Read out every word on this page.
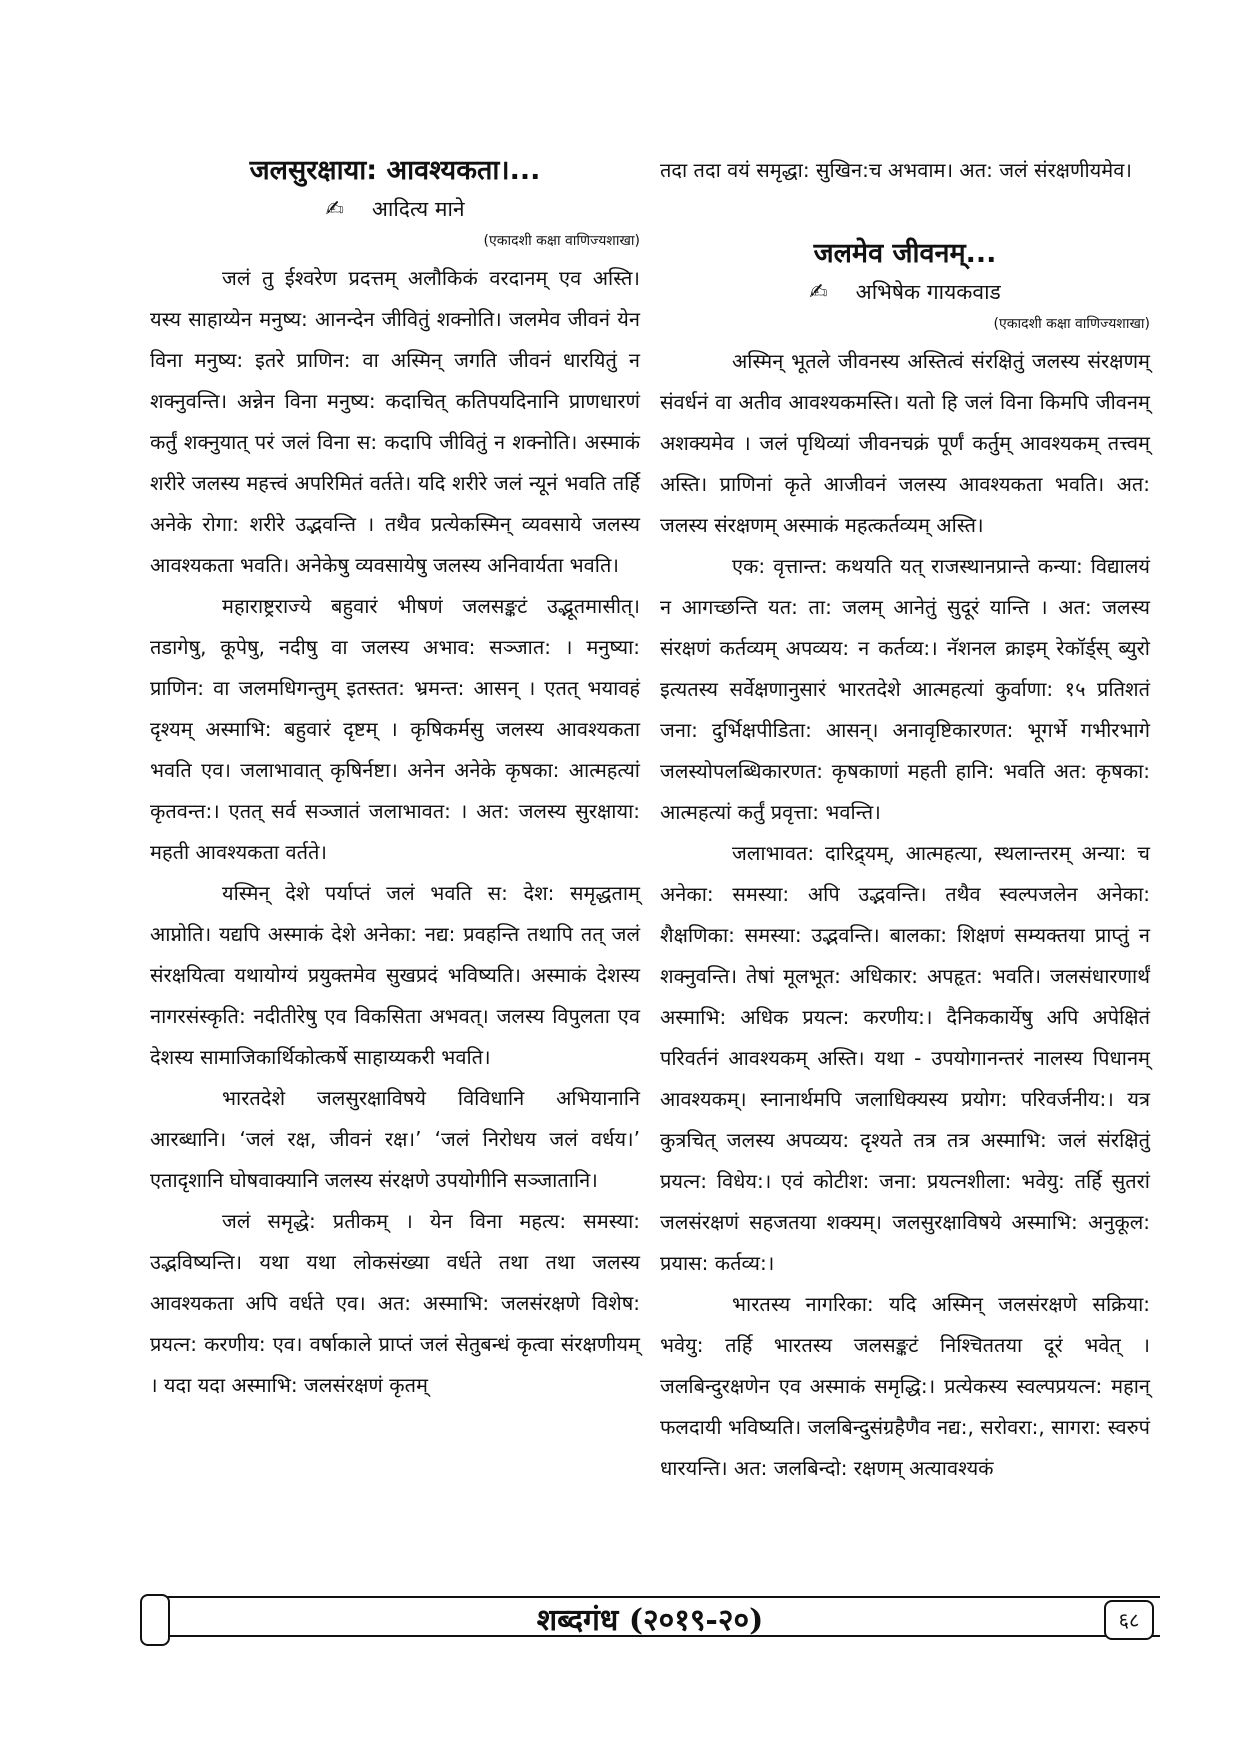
जलसुरक्षाया: आवश्यकता।...
✍ आदित्य माने
(एकादशी कक्षा वाणिज्यशाखा)

जलं तु ईश्वरेण प्रदत्तम् अलौकिकं वरदानम् एव अस्ति। यस्य साहाय्येन मनुष्य: आनन्देन जीवितुं शक्नोति। जलमेव जीवनं येन विना मनुष्य: इतरे प्राणिन: वा अस्मिन् जगति जीवनं धारयितुं न शक्नुवन्ति। अन्नेन विना मनुष्य: कदाचित् कतिपयदिनानि प्राणधारणं कर्तुं शक्नुयात् परं जलं विना स: कदापि जीवितुं न शक्नोति। अस्माकं शरीरे जलस्य महत्त्वं अपरिमितं वर्तते। यदि शरीरे जलं न्यूनं भवति तर्हि अनेके रोगा: शरीरे उद्भवन्ति । तथैव प्रत्येकस्मिन् व्यवसाये जलस्य आवश्यकता भवति। अनेकेषु व्यवसायेषु जलस्य अनिवार्यता भवति।

महाराष्ट्रराज्ये बहुवारं भीषणं जलसङ्कटं उद्भूतमासीत्। तडागेषु, कूपेषु, नदीषु वा जलस्य अभाव: सञ्जात: । मनुष्या: प्राणिन: वा जलमधिगन्तुम् इतस्तत: भ्रमन्त: आसन् । एतत् भयावहं दृश्यम् अस्माभि: बहुवारं दृष्टम् । कृषिकर्मसु जलस्य आवश्यकता भवति एव। जलाभावात् कृषिर्नष्टा। अनेन अनेके कृषका: आत्महत्यां कृतवन्त:। एतत् सर्व सञ्जातं जलाभावत: । अत: जलस्य सुरक्षाया: महती आवश्यकता वर्तते।

यस्मिन् देशे पर्याप्तं जलं भवति स: देश: समृद्धताम् आप्नोति। यद्यपि अस्माकं देशे अनेका: नद्य: प्रवहन्ति तथापि तत् जलं संरक्षयित्वा यथायोग्यं प्रयुक्तमेव सुखप्रदं भविष्यति। अस्माकं देशस्य नागरसंस्कृति: नदीतीरेषु एव विकसिता अभवत्। जलस्य विपुलता एव देशस्य सामाजिकार्थिकोत्कर्षे साहाय्यकरी भवति।

भारतदेशे जलसुरक्षाविषये विविधानि अभियानानि आरब्धानि। ‘जलं रक्ष, जीवनं रक्ष।’ ‘जलं निरोधय जलं वर्धय।’ एतादृशानि घोषवाक्यानि जलस्य संरक्षणे उपयोगीनि सञ्जातानि।

जलं समृद्धे: प्रतीकम् । येन विना महत्य: समस्या: उद्भविष्यन्ति। यथा यथा लोकसंख्या वर्धते तथा तथा जलस्य आवश्यकता अपि वर्धते एव। अत: अस्माभि: जलसंरक्षणे विशेष: प्रयत्न: करणीय: एव। वर्षाकाले प्राप्तं जलं सेतुबन्धं कृत्वा संरक्षणीयम् । यदा यदा अस्माभि: जलसंरक्षणं कृतम्

तदा तदा वयं समृद्धा: सुखिन:च अभवाम। अत: जलं संरक्षणीयमेव।

जलमेव जीवनम्...
✍ अभिषेक गायकवाड
(एकादशी कक्षा वाणिज्यशाखा)

अस्मिन् भूतले जीवनस्य अस्तित्वं संरक्षितुं जलस्य संरक्षणम् संवर्धनं वा अतीव आवश्यकमस्ति। यतो हि जलं विना किमपि जीवनम् अशक्यमेव । जलं पृथिव्यां जीवनचक्रं पूर्णं कर्तुम् आवश्यकम् तत्त्वम् अस्ति। प्राणिनां कृते आजीवनं जलस्य आवश्यकता भवति। अत: जलस्य संरक्षणम् अस्माकं महत्कर्तव्यम् अस्ति।

एक: वृत्तान्त: कथयति यत् राजस्थानप्रान्ते कन्या: विद्यालयं न आगच्छन्ति यत: ता: जलम् आनेतुं सुदूरं यान्ति । अत: जलस्य संरक्षणं कर्तव्यम् अपव्यय: न कर्तव्य:। नॅशनल क्राइम् रेकॉर्ड्स् ब्युरो इत्यतस्य सर्वेक्षणानुसारं भारतदेशे आत्महत्यां कुर्वाणा: १५ प्रतिशतं जना: दुर्भिक्षपीडिता: आसन्। अनावृष्टिकारणत: भूगर्भे गभीरभागे जलस्योपलब्धिकारणत: कृषकाणां महती हानि: भवति अत: कृषका: आत्महत्यां कर्तुं प्रवृत्ता: भवन्ति।

जलाभावत: दारिद्र्यम्, आत्महत्या, स्थलान्तरम् अन्या: च अनेका: समस्या: अपि उद्भवन्ति। तथैव स्वल्पजलेन अनेका: शैक्षणिका: समस्या: उद्भवन्ति। बालका: शिक्षणं सम्यक्तया प्राप्तुं न शक्नुवन्ति। तेषां मूलभूत: अधिकार: अपहृत: भवति। जलसंधारणार्थं अस्माभि: अधिक प्रयत्न: करणीय:। दैनिककार्येषु अपि अपेक्षितं परिवर्तनं आवश्यकम् अस्ति। यथा - उपयोगानन्तरं नालस्य पिधानम् आवश्यकम्। स्नानार्थमपि जलाधिक्यस्य प्रयोग: परिवर्जनीय:। यत्र कुत्रचित् जलस्य अपव्यय: दृश्यते तत्र तत्र अस्माभि: जलं संरक्षितुं प्रयत्न: विधेय:। एवं कोटीश: जना: प्रयत्नशीला: भवेयु: तर्हि सुतरां जलसंरक्षणं सहजतया शक्यम्। जलसुरक्षाविषये अस्माभि: अनुकूल: प्रयास: कर्तव्य:।

भारतस्य नागरिका: यदि अस्मिन् जलसंरक्षणे सक्रिया: भवेयु: तर्हि भारतस्य जलसङ्कटं निश्चिततया दूरं भवेत् । जलबिन्दुरक्षणेन एव अस्माकं समृद्धि:। प्रत्येकस्य स्वल्पप्रयत्न: महान् फलदायी भविष्यति। जलबिन्दुसंग्रहैणैव नद्य:, सरोवरा:, सागरा: स्वरुपं धारयन्ति। अत: जलबिन्दो: रक्षणम् अत्यावश्यकं

शब्दगंध (२०१९-२०)	६८
